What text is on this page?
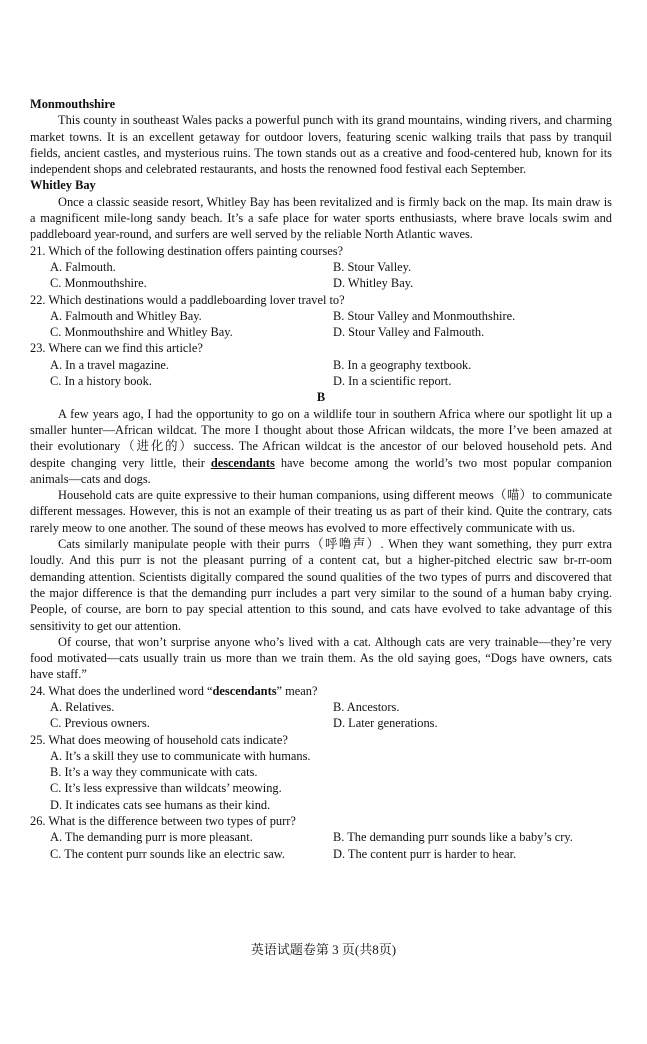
Monmouthshire

This county in southeast Wales packs a powerful punch with its grand mountains, winding rivers, and charming market towns. It is an excellent getaway for outdoor lovers, featuring scenic walking trails that pass by tranquil fields, ancient castles, and mysterious ruins. The town stands out as a creative and food-centered hub, known for its independent shops and celebrated restaurants, and hosts the renowned food festival each September.

Whitley Bay

Once a classic seaside resort, Whitley Bay has been revitalized and is firmly back on the map. Its main draw is a magnificent mile-long sandy beach. It’s a safe place for water sports enthusiasts, where brave locals swim and paddleboard year-round, and surfers are well served by the reliable North Atlantic waves.

21. Which of the following destination offers painting courses?
A. Falmouth.	B. Stour Valley.
C. Monmouthshire.	D. Whitley Bay.
22. Which destinations would a paddleboarding lover travel to?
A. Falmouth and Whitley Bay.	B. Stour Valley and Monmouthshire.
C. Monmouthshire and Whitley Bay.	D. Stour Valley and Falmouth.
23. Where can we find this article?
A. In a travel magazine.	B. In a geography textbook.
C. In a history book.	D. In a scientific report.
B

A few years ago, I had the opportunity to go on a wildlife tour in southern Africa where our spotlight lit up a smaller hunter—African wildcat. The more I thought about those African wildcats, the more I’ve been amazed at their evolutionary（进化的）success. The African wildcat is the ancestor of our beloved household pets. And despite changing very little, their descendants have become among the world’s two most popular companion animals—cats and dogs.

Household cats are quite expressive to their human companions, using different meows（喵）to communicate different messages. However, this is not an example of their treating us as part of their kind. Quite the contrary, cats rarely meow to one another. The sound of these meows has evolved to more effectively communicate with us.

Cats similarly manipulate people with their purrs（呼噜声）. When they want something, they purr extra loudly. And this purr is not the pleasant purring of a content cat, but a higher-pitched electric saw br-rr-oom demanding attention. Scientists digitally compared the sound qualities of the two types of purrs and discovered that the major difference is that the demanding purr includes a part very similar to the sound of a human baby crying. People, of course, are born to pay special attention to this sound, and cats have evolved to take advantage of this sensitivity to get our attention.

Of course, that won’t surprise anyone who’s lived with a cat. Although cats are very trainable—they’re very food motivated—cats usually train us more than we train them. As the old saying goes, “Dogs have owners, cats have staff.”

24. What does the underlined word “descendants” mean?
A. Relatives.	B. Ancestors.
C. Previous owners.	D. Later generations.
25. What does meowing of household cats indicate?
A. It’s a skill they use to communicate with humans.
B. It’s a way they communicate with cats.
C. It’s less expressive than wildcats’ meowing.
D. It indicates cats see humans as their kind.
26. What is the difference between two types of purr?
A. The demanding purr is more pleasant.	B. The demanding purr sounds like a baby’s cry.
C. The content purr sounds like an electric saw.	D. The content purr is harder to hear.
英语试题卷第 3 页(共8页)
